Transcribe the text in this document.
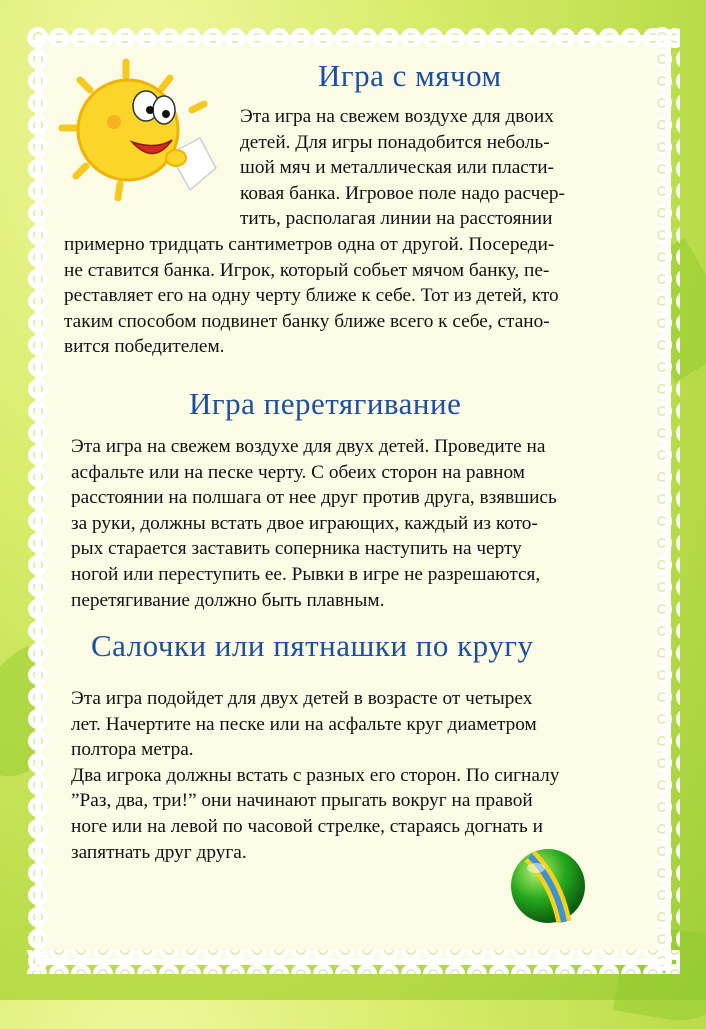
Игра с мячом
Эта игра на свежем воздухе для двоих
детей. Для игры понадобится неболь-
шой мяч и металлическая или пласти-
ковая банка. Игровое поле надо расчер-
тить, располагая линии на расстоянии
примерно тридцать сантиметров одна от другой. Посереди-
не ставится банка. Игрок, который собьет мячом банку, пе-
реставляет его на одну черту ближе к себе. Тот из детей, кто
таким способом подвинет банку ближе всего к себе, стано-
вится победителем.
Игра перетягивание
Эта игра на свежем воздухе для двух детей. Проведите на
асфальте или на песке черту. С обеих сторон на равном
расстоянии на полшага от нее друг против друга, взявшись
за руки, должны встать двое играющих, каждый из кото-
рых старается заставить соперника наступить на черту
ногой или переступить ее. Рывки в игре не разрешаются,
перетягивание должно быть плавным.
Салочки или пятнашки по кругу
Эта игра подойдет для двух детей в возрасте от четырех
лет. Начертите на песке или на асфальте круг диаметром
полтора метра.
Два игрока должны встать с разных его сторон. По сигналу
”Раз, два, три!” они начинают прыгать вокруг на правой
ноге или на левой по часовой стрелке, стараясь догнать и
запятнать друг друга.
